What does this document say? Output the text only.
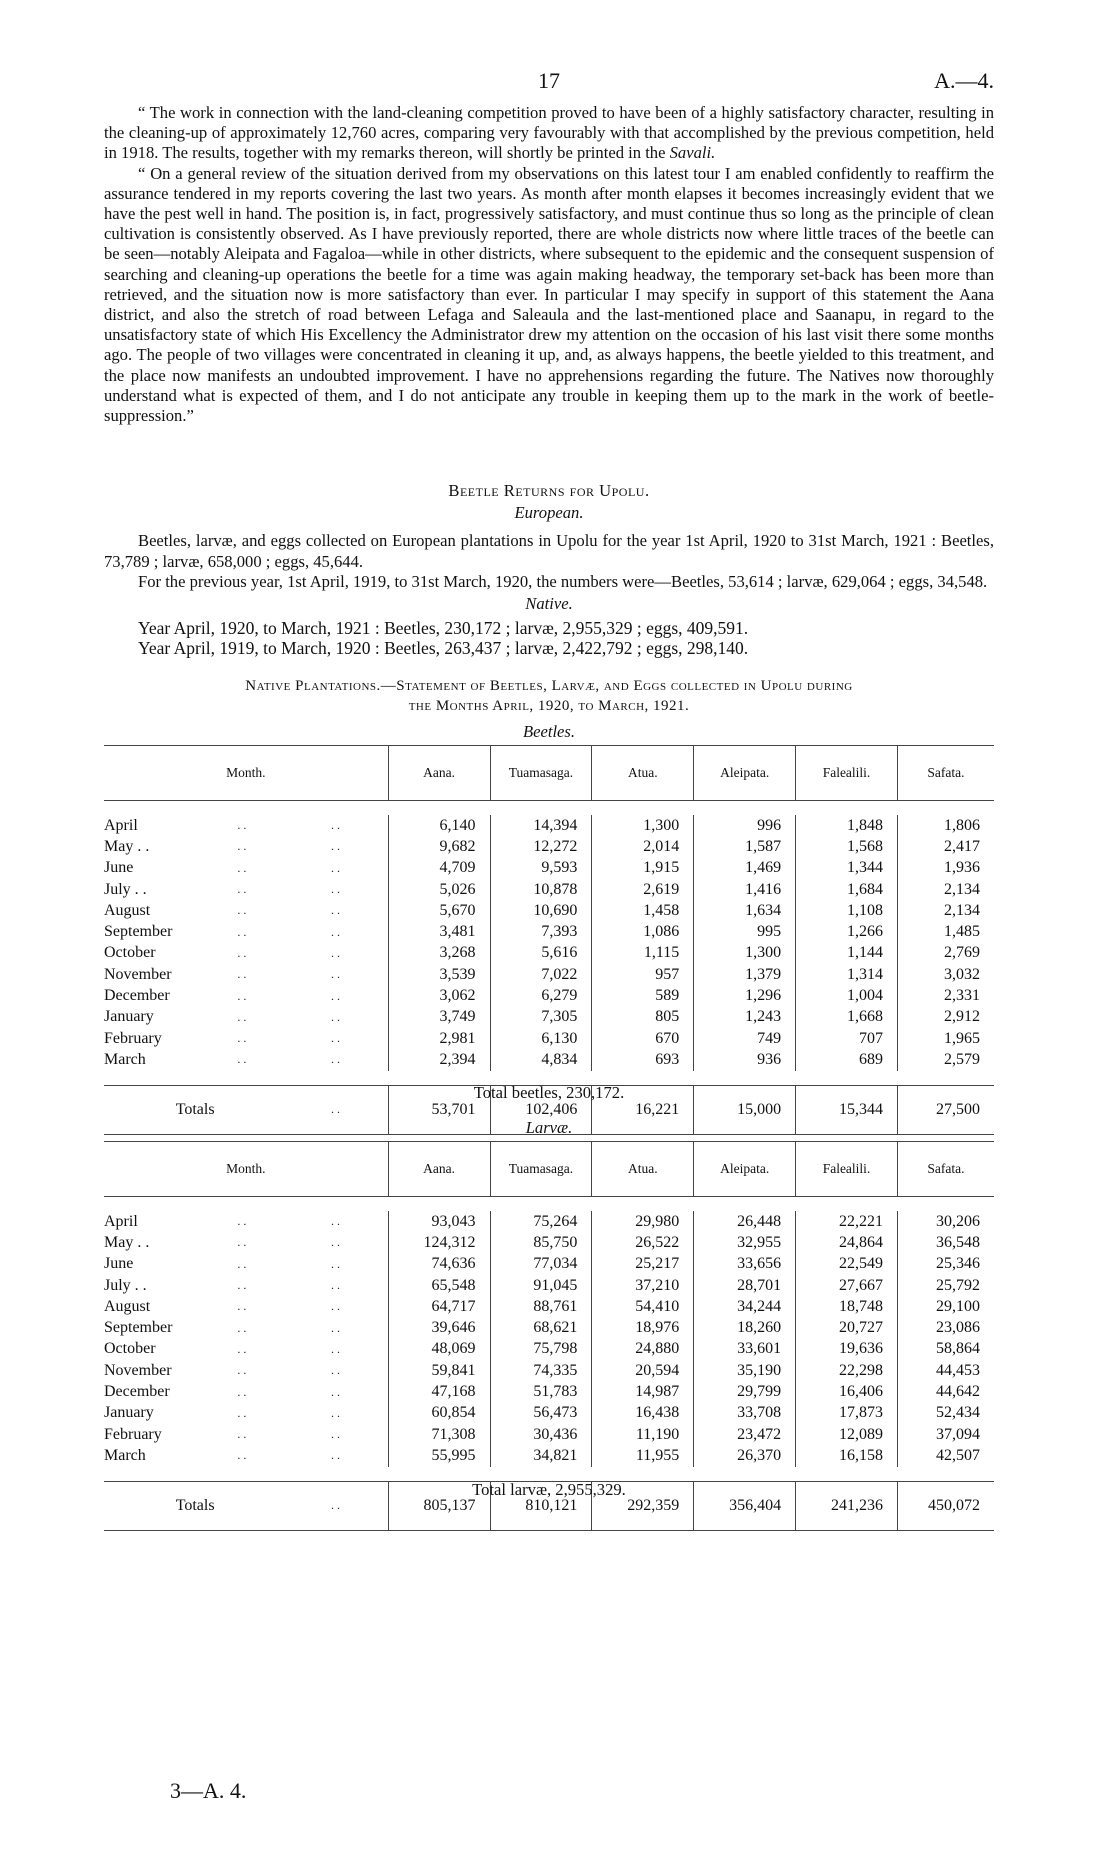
17	A.—4.

“ The work in connection with the land-cleaning competition proved to have been of a highly satisfactory character, resulting in the cleaning-up of approximately 12,760 acres, comparing very favourably with that accomplished by the previous competition, held in 1918. The results, together with my remarks thereon, will shortly be printed in the Savali.

“ On a general review of the situation derived from my observations on this latest tour I am enabled confidently to reaffirm the assurance tendered in my reports covering the last two years. As month after month elapses it becomes increasingly evident that we have the pest well in hand. The position is, in fact, progressively satisfactory, and must continue thus so long as the principle of clean cultivation is consistently observed. As I have previously reported, there are whole districts now where little traces of the beetle can be seen—notably Aleipata and Fagaloa—while in other districts, where subsequent to the epidemic and the consequent suspension of searching and cleaning-up operations the beetle for a time was again making headway, the temporary set-back has been more than retrieved, and the situation now is more satisfactory than ever. In particular I may specify in support of this statement the Aana district, and also the stretch of road between Lefaga and Saleaula and the last-mentioned place and Saanapu, in regard to the unsatisfactory state of which His Excellency the Administrator drew my attention on the occasion of his last visit there some months ago. The people of two villages were concentrated in cleaning it up, and, as always happens, the beetle yielded to this treatment, and the place now manifests an undoubted improvement. I have no apprehensions regarding the future. The Natives now thoroughly understand what is expected of them, and I do not anticipate any trouble in keeping them up to the mark in the work of beetle-suppression.”

Beetle Returns for Upolu.

European.

Beetles, larvæ, and eggs collected on European plantations in Upolu for the year 1st April, 1920 to 31st March, 1921 : Beetles, 73,789 ; larvæ, 658,000 ; eggs, 45,644.

For the previous year, 1st April, 1919, to 31st March, 1920, the numbers were—Beetles, 53,614 ; larvæ, 629,064 ; eggs, 34,548.

Native.

Year April, 1920, to March, 1921 : Beetles, 230,172 ; larvæ, 2,955,329 ; eggs, 409,591.

Year April, 1919, to March, 1920 : Beetles, 263,437 ; larvæ, 2,422,792 ; eggs, 298,140.

Native Plantations.—Statement of Beetles, Larvæ, and Eggs collected in Upolu during

the Months April, 1920, to March, 1921.

Beetles.
Month.			Aana.	Tuamasaga.	Atua.	Aleipata.	Falealili.	Safata.

April	..	..	6,140	14,394	1,300	996	1,848	1,806
May . .	..	..	9,682	12,272	2,014	1,587	1,568	2,417
June	..	..	4,709	9,593	1,915	1,469	1,344	1,936
July . .	..	..	5,026	10,878	2,619	1,416	1,684	2,134
August	..	..	5,670	10,690	1,458	1,634	1,108	2,134
September	..	..	3,481	7,393	1,086	995	1,266	1,485
October	..	..	3,268	5,616	1,115	1,300	1,144	2,769
November	..	..	3,539	7,022	957	1,379	1,314	3,032
December	..	..	3,062	6,279	589	1,296	1,004	2,331
January	..	..	3,749	7,305	805	1,243	1,668	2,912
February	..	..	2,981	6,130	670	749	707	1,965
March	..	..	2,394	4,834	693	936	689	2,579

Totals		..	53,701	102,406	16,221	15,000	15,344	27,500
Total beetles, 230,172.
Larvæ.
Month.			Aana.	Tuamasaga.	Atua.	Aleipata.	Falealili.	Safata.

April	..	..	93,043	75,264	29,980	26,448	22,221	30,206
May . .	..	..	124,312	85,750	26,522	32,955	24,864	36,548
June	..	..	74,636	77,034	25,217	33,656	22,549	25,346
July . .	..	..	65,548	91,045	37,210	28,701	27,667	25,792
August	..	..	64,717	88,761	54,410	34,244	18,748	29,100
September	..	..	39,646	68,621	18,976	18,260	20,727	23,086
October	..	..	48,069	75,798	24,880	33,601	19,636	58,864
November	..	..	59,841	74,335	20,594	35,190	22,298	44,453
December	..	..	47,168	51,783	14,987	29,799	16,406	44,642
January	..	..	60,854	56,473	16,438	33,708	17,873	52,434
February	..	..	71,308	30,436	11,190	23,472	12,089	37,094
March	..	..	55,995	34,821	11,955	26,370	16,158	42,507

Totals		..	805,137	810,121	292,359	356,404	241,236	450,072
Total larvæ, 2,955,329.
3—A. 4.
